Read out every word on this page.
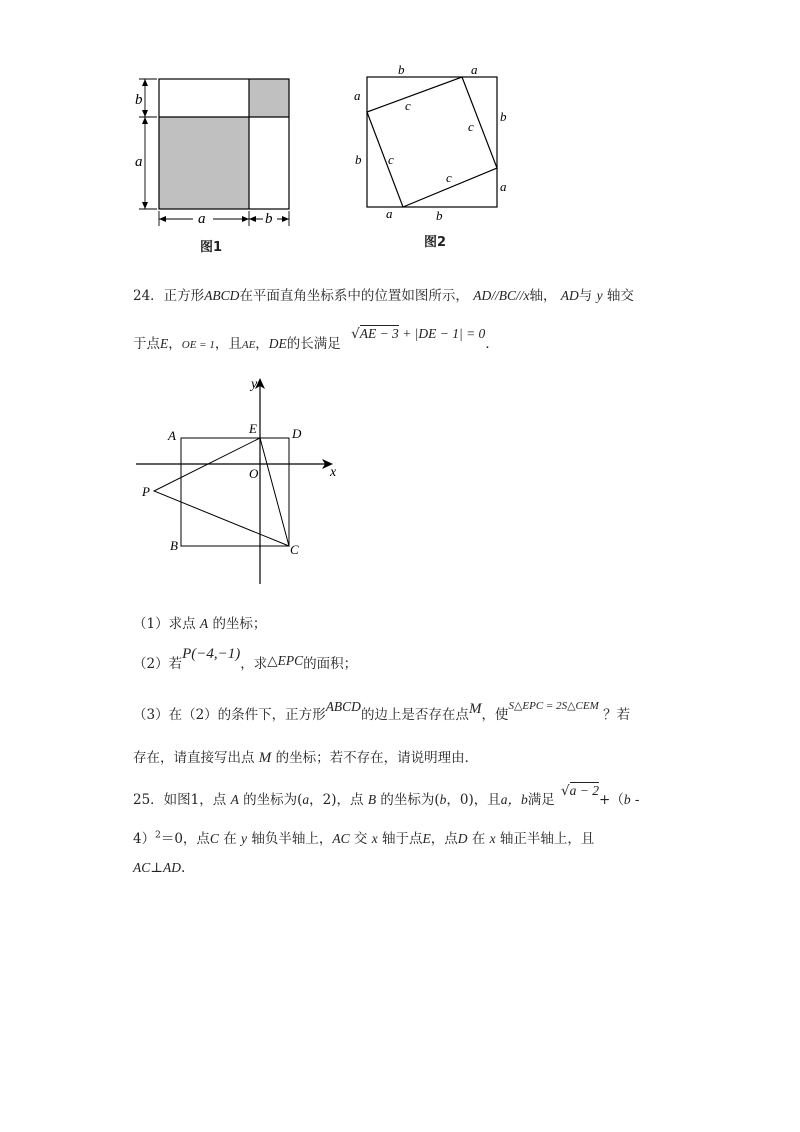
b
a
a	b
图1
b	a
a
b
b
a
a	b
c
c
c
c
图2
24．正方形ABCD在平面直角坐标系中的位置如图所示， AD//BC//x轴， AD与 y 轴交
于点E，OE = 1，且AE，DE的长满足 √AE − 3 + |DE − 1| = 0．
y
x
A	E	D
O
P
B	C
（1）求点 A 的坐标；
（2）若P(−4,−1)，求△EPC的面积；
（3）在（2）的条件下，正方形ABCD的边上是否存在点M，使$^{S\triangle EPC = 2S\triangle CEM}$ ？若
存在，请直接写出点 M 的坐标；若不存在，请说明理由．
25．如图1，点 A 的坐标为(a，2)，点 B 的坐标为(b，0)，且a，b满足 √a − 2+（b -
4）$^2$＝0，点C 在 y 轴负半轴上，AC 交 x 轴于点E，点D 在 x 轴正半轴上，且
AC⊥AD.
